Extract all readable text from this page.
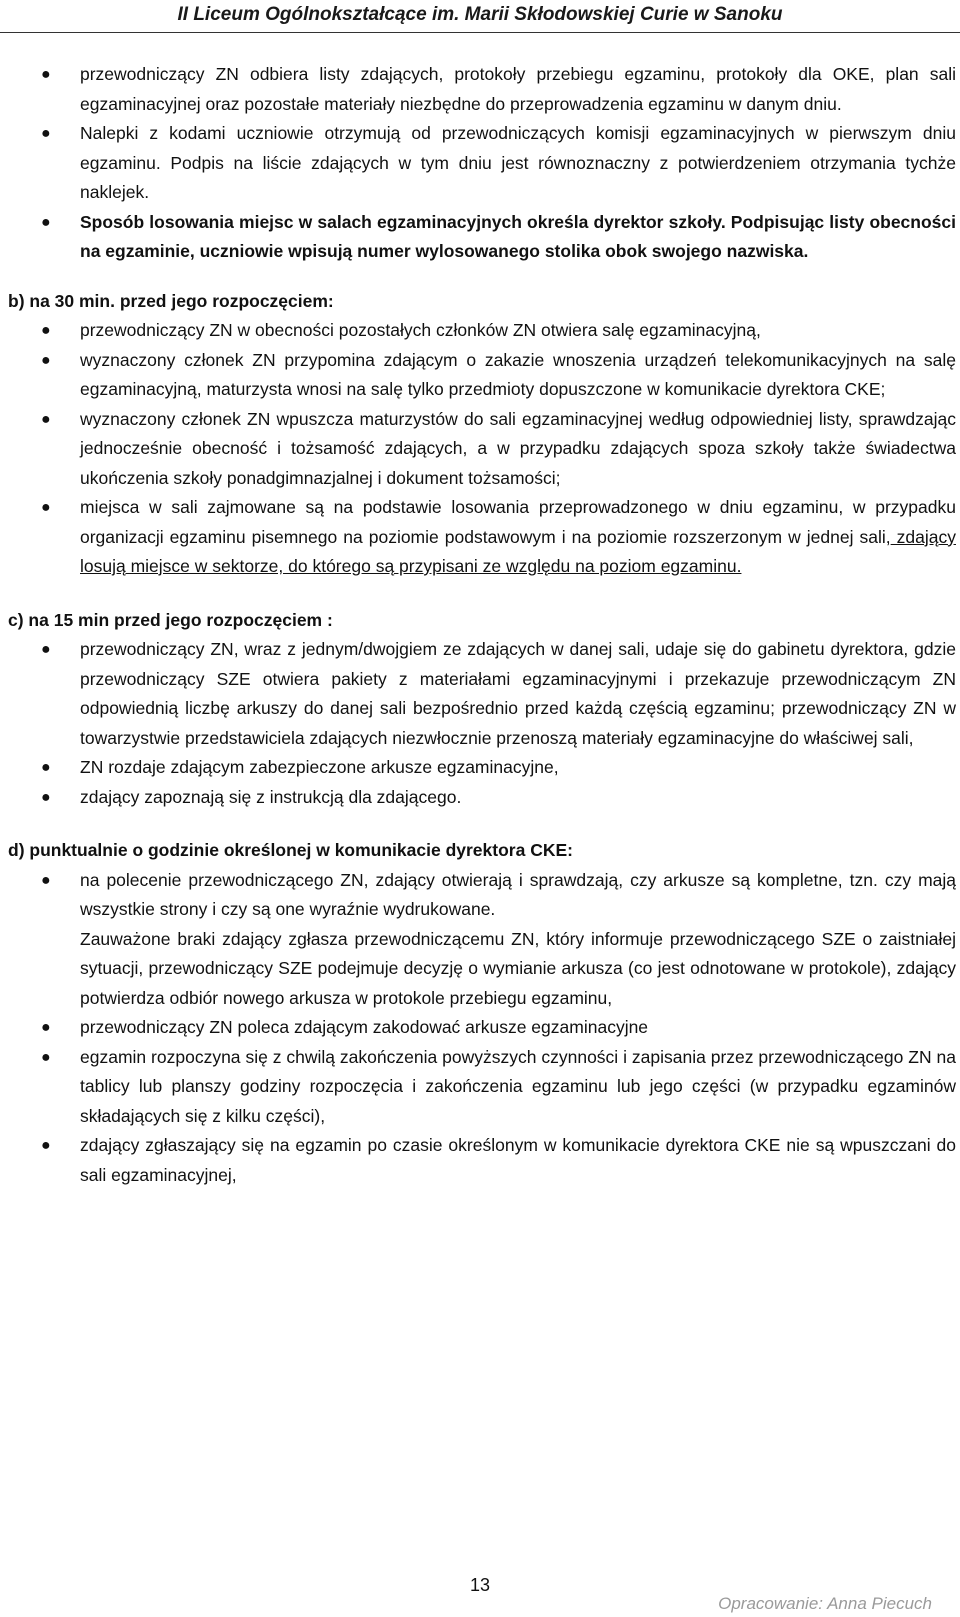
II Liceum Ogólnokształcące im. Marii Skłodowskiej Curie w Sanoku
● przewodniczący ZN odbiera listy zdających, protokoły przebiegu egzaminu, protokoły dla OKE, plan sali egzaminacyjnej oraz pozostałe materiały niezbędne do przeprowadzenia egzaminu w danym dniu.
● Nalepki z kodami uczniowie otrzymują od przewodniczących komisji egzaminacyjnych w pierwszym dniu egzaminu. Podpis na liście zdających w tym dniu jest równoznaczny z potwierdzeniem otrzymania tychże naklejek.
● Sposób losowania miejsc w salach egzaminacyjnych określa dyrektor szkoły. Podpisując listy obecności na egzaminie, uczniowie wpisują numer wylosowanego stolika obok swojego nazwiska.

b) na 30 min. przed jego rozpoczęciem:

● przewodniczący ZN w obecności pozostałych członków ZN otwiera salę egzaminacyjną,
● wyznaczony członek ZN przypomina zdającym o zakazie wnoszenia urządzeń telekomunikacyjnych na salę egzaminacyjną, maturzysta wnosi na salę tylko przedmioty dopuszczone w komunikacie dyrektora CKE;
● wyznaczony członek ZN wpuszcza maturzystów do sali egzaminacyjnej według odpowiedniej listy, sprawdzając jednocześnie obecność i tożsamość zdających, a w przypadku zdających spoza szkoły także świadectwa ukończenia szkoły ponadgimnazjalnej i dokument tożsamości;
● miejsca w sali zajmowane są na podstawie losowania przeprowadzonego w dniu egzaminu, w przypadku organizacji egzaminu pisemnego na poziomie podstawowym i na poziomie rozszerzonym w jednej sali, zdający losują miejsce w sektorze, do którego są przypisani ze względu na poziom egzaminu.

c) na 15 min przed jego rozpoczęciem :

● przewodniczący ZN, wraz z jednym/dwojgiem ze zdających w danej sali, udaje się do gabinetu dyrektora, gdzie przewodniczący SZE otwiera pakiety z materiałami egzaminacyjnymi i przekazuje przewodniczącym ZN odpowiednią liczbę arkuszy do danej sali bezpośrednio przed każdą częścią egzaminu; przewodniczący ZN w towarzystwie przedstawiciela zdających niezwłocznie przenoszą materiały egzaminacyjne do właściwej sali,
● ZN rozdaje zdającym zabezpieczone arkusze egzaminacyjne,
● zdający zapoznają się z instrukcją dla zdającego.

d) punktualnie o godzinie określonej w komunikacie dyrektora CKE:

● na polecenie przewodniczącego ZN, zdający otwierają i sprawdzają, czy arkusze są kompletne, tzn. czy mają wszystkie strony i czy są one wyraźnie wydrukowane.
Zauważone braki zdający zgłasza przewodniczącemu ZN, który informuje przewodniczącego SZE o zaistniałej sytuacji, przewodniczący SZE podejmuje decyzję o wymianie arkusza (co jest odnotowane w protokole), zdający potwierdza odbiór nowego arkusza w protokole przebiegu egzaminu,
● przewodniczący ZN poleca zdającym zakodować arkusze egzaminacyjne
● egzamin rozpoczyna się z chwilą zakończenia powyższych czynności i zapisania przez przewodniczącego ZN na tablicy lub planszy godziny rozpoczęcia i zakończenia egzaminu lub jego części (w przypadku egzaminów składających się z kilku części),
● zdający zgłaszający się na egzamin po czasie określonym w komunikacie dyrektora CKE nie są wpuszczani do sali egzaminacyjnej,
13
Opracowanie: Anna Piecuch
